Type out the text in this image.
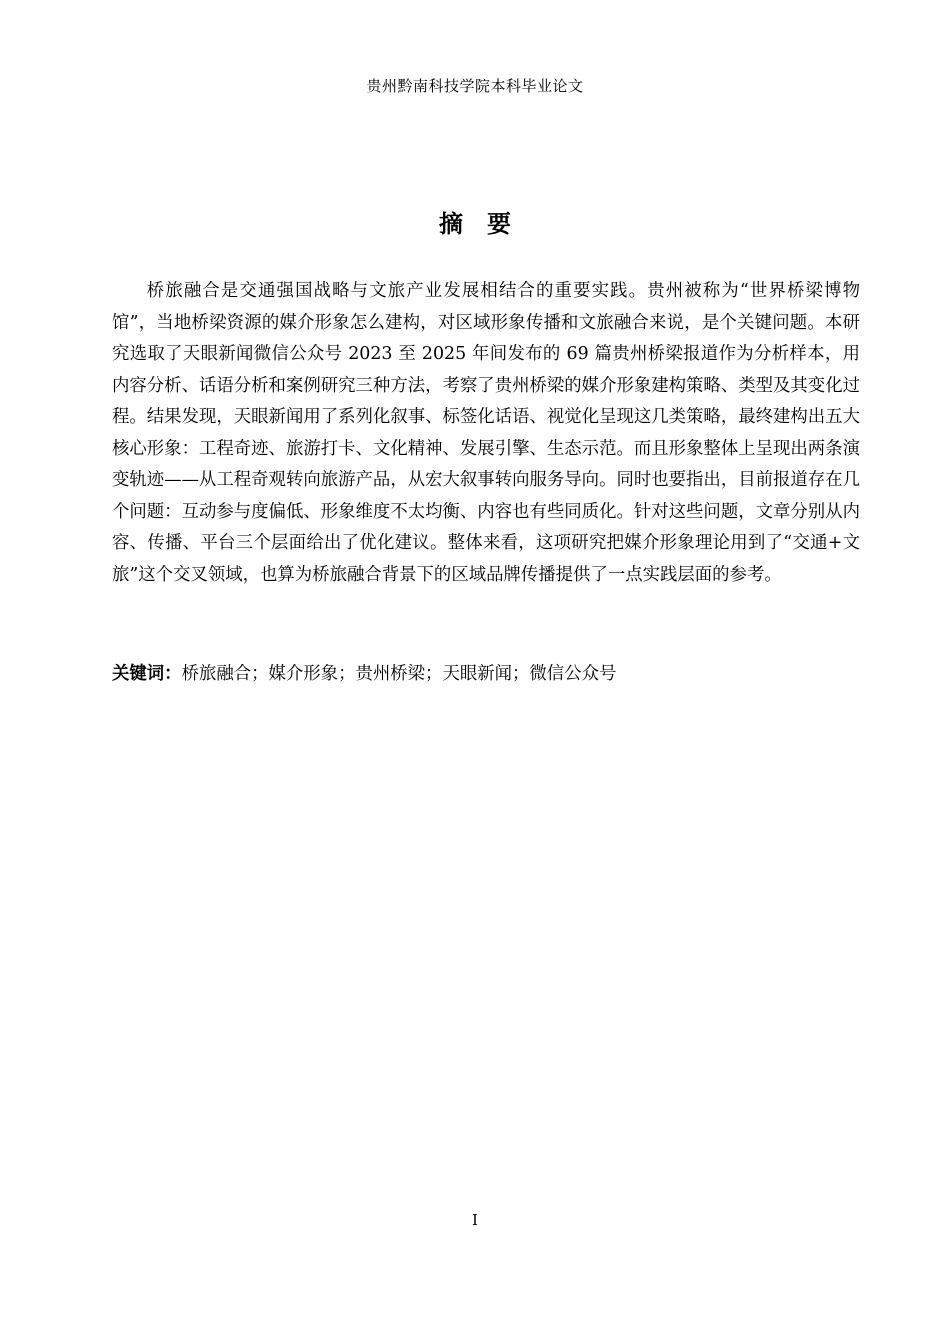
贵州黔南科技学院本科毕业论文
摘要

桥旅融合是交通强国战略与文旅产业发展相结合的重要实践。贵州被称为“世界桥梁博物馆”，当地桥梁资源的媒介形象怎么建构，对区域形象传播和文旅融合来说，是个关键问题。本研究选取了天眼新闻微信公众号 2023 至 2025 年间发布的 69 篇贵州桥梁报道作为分析样本，用内容分析、话语分析和案例研究三种方法，考察了贵州桥梁的媒介形象建构策略、类型及其变化过程。结果发现，天眼新闻用了系列化叙事、标签化话语、视觉化呈现这几类策略，最终建构出五大核心形象：工程奇迹、旅游打卡、文化精神、发展引擎、生态示范。而且形象整体上呈现出两条演变轨迹——从工程奇观转向旅游产品，从宏大叙事转向服务导向。同时也要指出，目前报道存在几个问题：互动参与度偏低、形象维度不太均衡、内容也有些同质化。针对这些问题，文章分别从内容、传播、平台三个层面给出了优化建议。整体来看，这项研究把媒介形象理论用到了“交通+文旅”这个交叉领域，也算为桥旅融合背景下的区域品牌传播提供了一点实践层面的参考。

关键词：桥旅融合；媒介形象；贵州桥梁；天眼新闻；微信公众号

I
